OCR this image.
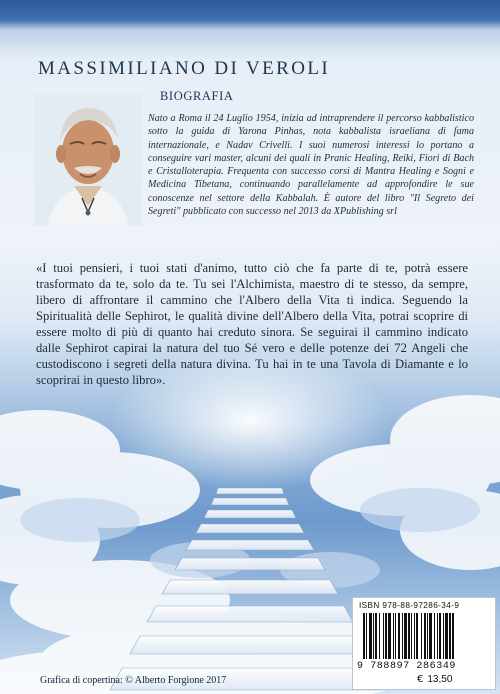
MASSIMILIANO DI VEROLI
BIOGRAFIA

Nato a Roma il 24 Luglio 1954, inizia ad intraprendere il percorso kabbalistico sotto la guida di Yarona Pinhas, nota kabbalista israeliana di fama internazionale, e Nadav Crivelli. I suoi numerosi interessi lo portano a conseguire vari master, alcuni dei quali in Pranic Healing, Reiki, Fiori di Bach e Cristalloterapia. Frequenta con successo corsi di Mantra Healing e Sogni e Medicina Tibetana, continuando parallelamente ad approfondire le sue conoscenze nel settore della Kabbalah. È autore del libro "Il Segreto dei Segreti" pubblicato con successo nel 2013 da XPublishing srl

«I tuoi pensieri, i tuoi stati d'animo, tutto ciò che fa parte di te, potrà essere trasformato da te, solo da te. Tu sei l'Alchimista, maestro di te stesso, da sempre, libero di affrontare il cammino che l'Albero della Vita ti indica. Seguendo la Spiritualità delle Sephirot, le qualità divine dell'Albero della Vita, potrai scoprire di essere molto di più di quanto hai creduto sinora. Se seguirai il cammino indicato dalle Sephirot capirai la natura del tuo Sé vero e delle potenze dei 72 Angeli che custodiscono i segreti della natura divina. Tu hai in te una Tavola di Diamante e lo scoprirai in questo libro».

ISBN 978-88-97286-34-9

9 788897 286349

€ 13,50

Grafica di copertina: © Alberto Forgione 2017
